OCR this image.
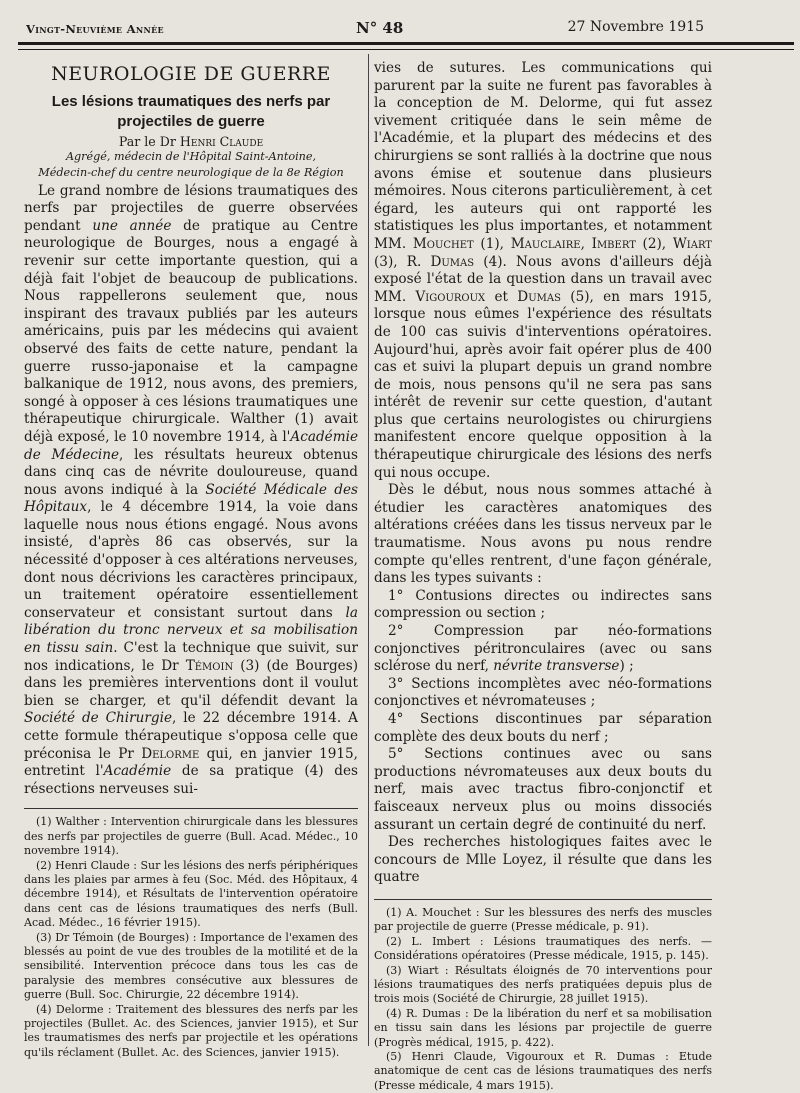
Vingt-Neuvième Année	N° 48	27 Novembre 1915
NEUROLOGIE DE GUERRE
Les lésions traumatiques des nerfs par projectiles de guerre
Par le Dr Henri Claude
Agrégé, médecin de l'Hôpital Saint-Antoine,
Médecin-chef du centre neurologique de la 8e Région

Le grand nombre de lésions traumatiques des nerfs par projectiles de guerre observées pendant une année de pratique au Centre neurologique de Bourges, nous a engagé à revenir sur cette importante question, qui a déjà fait l'objet de beaucoup de publications. Nous rappellerons seulement que, nous inspirant des travaux publiés par les auteurs américains, puis par les médecins qui avaient observé des faits de cette nature, pendant la guerre russo-japonaise et la campagne balkanique de 1912, nous avons, des premiers, songé à opposer à ces lésions traumatiques une thérapeutique chirurgicale. Walther (1) avait déjà exposé, le 10 novembre 1914, à l'Académie de Médecine, les résultats heureux obtenus dans cinq cas de névrite douloureuse, quand nous avons indiqué à la Société Médicale des Hôpitaux, le 4 décembre 1914, la voie dans laquelle nous nous étions engagé. Nous avons insisté, d'après 86 cas observés, sur la nécessité d'opposer à ces altérations nerveuses, dont nous décrivions les caractères principaux, un traitement opératoire essentiellement conservateur et consistant surtout dans la libération du tronc nerveux et sa mobilisation en tissu sain. C'est la technique que suivit, sur nos indications, le Dr Témoin (3) (de Bourges) dans les premières interventions dont il voulut bien se charger, et qu'il défendit devant la Société de Chirurgie, le 22 décembre 1914. A cette formule thérapeutique s'opposa celle que préconisa le Pr Delorme qui, en janvier 1915, entretint l'Académie de sa pratique (4) des résections nerveuses sui-

(1) Walther : Intervention chirurgicale dans les blessures des nerfs par projectiles de guerre (Bull. Acad. Médec., 10 novembre 1914).

(2) Henri Claude : Sur les lésions des nerfs périphériques dans les plaies par armes à feu (Soc. Méd. des Hôpitaux, 4 décembre 1914), et Résultats de l'intervention opératoire dans cent cas de lésions traumatiques des nerfs (Bull. Acad. Médec., 16 février 1915).

(3) Dr Témoin (de Bourges) : Importance de l'examen des blessés au point de vue des troubles de la motilité et de la sensibilité. Intervention précoce dans tous les cas de paralysie des membres consécutive aux blessures de guerre (Bull. Soc. Chirurgie, 22 décembre 1914).

(4) Delorme : Traitement des blessures des nerfs par les projectiles (Bullet. Ac. des Sciences, janvier 1915), et Sur les traumatismes des nerfs par projectile et les opérations qu'ils réclament (Bullet. Ac. des Sciences, janvier 1915).

vies de sutures. Les communications qui parurent par la suite ne furent pas favorables à la conception de M. Delorme, qui fut assez vivement critiquée dans le sein même de l'Académie, et la plupart des médecins et des chirurgiens se sont ralliés à la doctrine que nous avons émise et soutenue dans plusieurs mémoires. Nous citerons particulièrement, à cet égard, les auteurs qui ont rapporté les statistiques les plus importantes, et notamment MM. Mouchet (1), Mauclaire, Imbert (2), Wiart (3), R. Dumas (4). Nous avons d'ailleurs déjà exposé l'état de la question dans un travail avec MM. Vigouroux et Dumas (5), en mars 1915, lorsque nous eûmes l'expérience des résultats de 100 cas suivis d'interventions opératoires. Aujourd'hui, après avoir fait opérer plus de 400 cas et suivi la plupart depuis un grand nombre de mois, nous pensons qu'il ne sera pas sans intérêt de revenir sur cette question, d'autant plus que certains neurologistes ou chirurgiens manifestent encore quelque opposition à la thérapeutique chirurgicale des lésions des nerfs qui nous occupe.

Dès le début, nous nous sommes attaché à étudier les caractères anatomiques des altérations créées dans les tissus nerveux par le traumatisme. Nous avons pu nous rendre compte qu'elles rentrent, d'une façon générale, dans les types suivants :

1° Contusions directes ou indirectes sans compression ou section ;

2° Compression par néo-formations conjonctives péritronculaires (avec ou sans sclérose du nerf, névrite transverse) ;

3° Sections incomplètes avec néo-formations conjonctives et névromateuses ;

4° Sections discontinues par séparation complète des deux bouts du nerf ;

5° Sections continues avec ou sans productions névromateuses aux deux bouts du nerf, mais avec tractus fibro-conjonctif et faisceaux nerveux plus ou moins dissociés assurant un certain degré de continuité du nerf.

Des recherches histologiques faites avec le concours de Mlle Loyez, il résulte que dans les quatre

(1) A. Mouchet : Sur les blessures des nerfs des muscles par projectile de guerre (Presse médicale, p. 91).

(2) L. Imbert : Lésions traumatiques des nerfs. — Considérations opératoires (Presse médicale, 1915, p. 145).

(3) Wiart : Résultats éloignés de 70 interventions pour lésions traumatiques des nerfs pratiquées depuis plus de trois mois (Société de Chirurgie, 28 juillet 1915).

(4) R. Dumas : De la libération du nerf et sa mobilisation en tissu sain dans les lésions par projectile de guerre (Progrès médical, 1915, p. 422).

(5) Henri Claude, Vigouroux et R. Dumas : Etude anatomique de cent cas de lésions traumatiques des nerfs (Presse médicale, 4 mars 1915).
